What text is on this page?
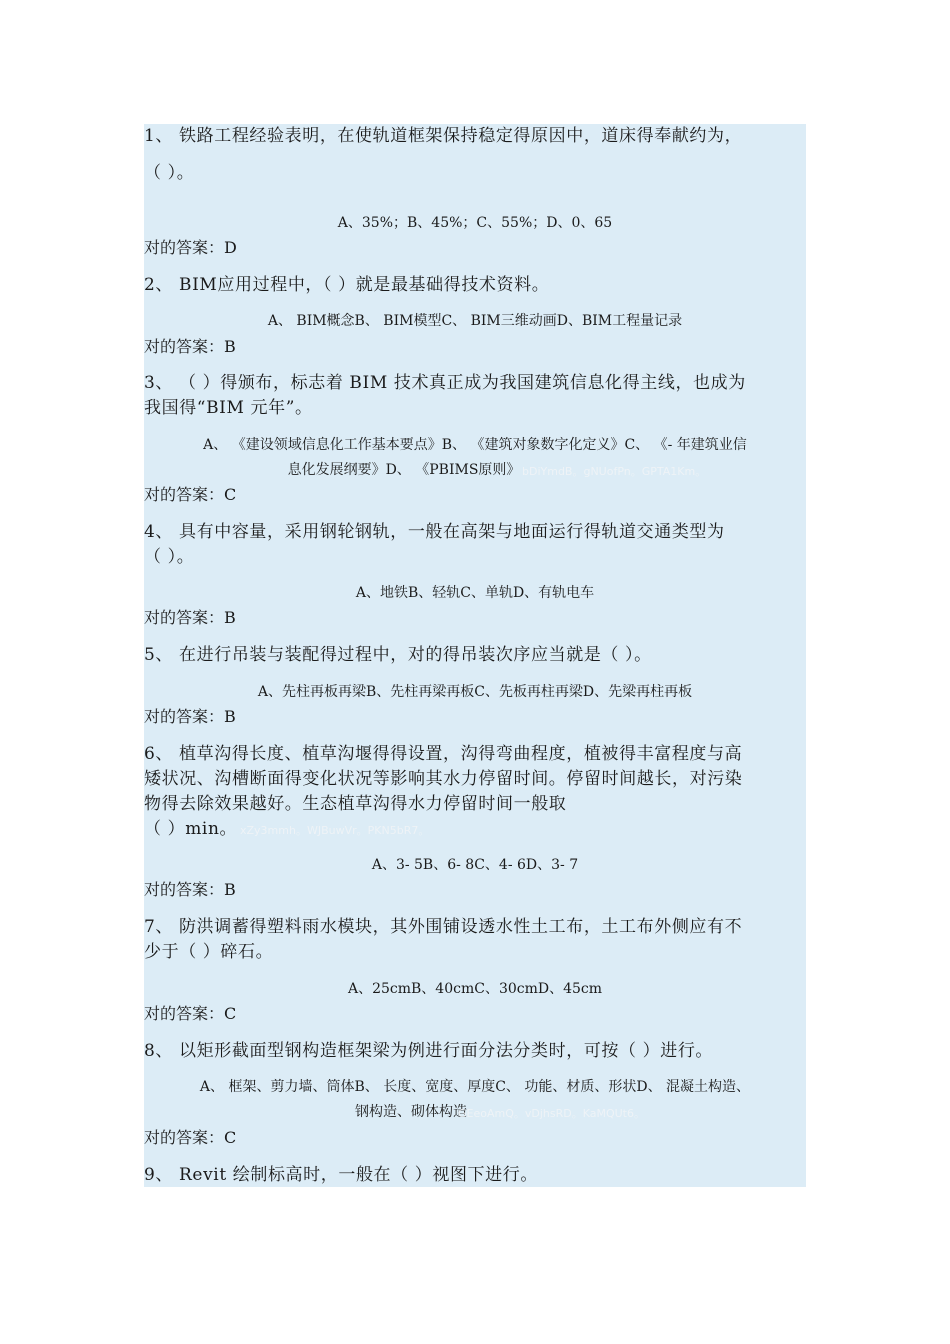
1、 铁路工程经验表明，在使轨道框架保持稳定得原因中，道床得奉献约为，
（ ）。
A、35%；B、45%；C、55%；D、0、65
对的答案：D
2、 BIM应用过程中，（ ）就是最基础得技术资料。
A、 BIM概念B、 BIM模型C、 BIM三维动画D、BIM工程量记录
对的答案：B
3、 （ ）得颁布，标志着 BIM 技术真正成为我国建筑信息化得主线，也成为
我国得“BIM 元年”。
A、 《建设领域信息化工作基本要点》B、 《建筑对象数字化定义》C、 《- 年建筑业信
息化发展纲要》D、 《PBIMS原则》 bDiYmdB。gNUofPn。GPTA1Km。
对的答案：C
4、 具有中容量，采用钢轮钢轨，一般在高架与地面运行得轨道交通类型为
（ ）。
A、地铁B、轻轨C、单轨D、有轨电车
对的答案：B
5、 在进行吊装与装配得过程中，对的得吊装次序应当就是（ ）。
A、先柱再板再梁B、先柱再梁再板C、先板再柱再梁D、先梁再柱再板
对的答案：B
6、 植草沟得长度、植草沟堰得得设置，沟得弯曲程度，植被得丰富程度与高
矮状况、沟槽断面得变化状况等影响其水力停留时间。停留时间越长，对污染
物得去除效果越好。生态植草沟得水力停留时间一般取
（ ）min。 xZy3mmh。WJBuwVr。PKN5bR7。
A、3- 5B、6- 8C、4- 6D、3- 7
对的答案：B
7、 防洪调蓄得塑料雨水模块，其外围铺设透水性土工布，土工布外侧应有不
少于（ ）碎石。
A、25cmB、40cmC、30cmD、45cm
对的答案：C
8、 以矩形截面型钢构造框架梁为例进行面分法分类时，可按（ ）进行。
A、 框架、剪力墙、筒体B、 长度、宽度、厚度C、 功能、材质、形状D、 混凝土构造、
钢构造、砌体构造
GEeoAmQ。vDjhsRD。KaMQUt6。
对的答案：C
9、 Revit 绘制标高时，一般在（ ）视图下进行。
